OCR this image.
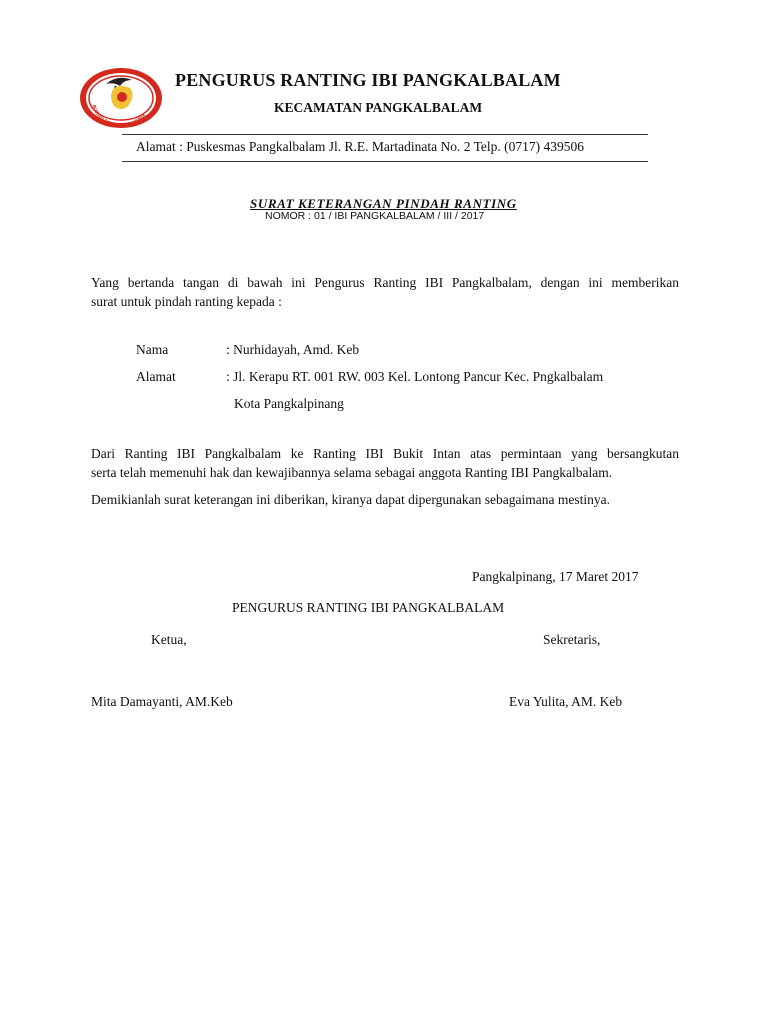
IKATAN BIDAN INDONESIA
PENGURUS RANTING IBI PANGKALBALAM
KECAMATAN PANGKALBALAM
Alamat : Puskesmas Pangkalbalam Jl. R.E. Martadinata No. 2 Telp. (0717) 439506
SURAT KETERANGAN PINDAH RANTING
NOMOR : 01 / IBI PANGKALBALAM / III / 2017
Yang bertanda tangan di bawah ini Pengurus Ranting IBI Pangkalbalam, dengan ini memberikan
surat untuk pindah ranting kepada :
Nama	: Nurhidayah, Amd. Keb
Alamat	: Jl. Kerapu RT. 001 RW. 003 Kel. Lontong Pancur Kec. Pngkalbalam
Kota Pangkalpinang
Dari Ranting IBI Pangkalbalam ke Ranting IBI Bukit Intan atas permintaan yang bersangkutan
serta telah memenuhi hak dan kewajibannya selama sebagai anggota Ranting IBI Pangkalbalam.
Demikianlah surat keterangan ini diberikan, kiranya dapat dipergunakan sebagaimana mestinya.
Pangkalpinang, 17 Maret 2017
PENGURUS RANTING IBI PANGKALBALAM
Ketua,	Sekretaris,
Mita Damayanti, AM.Keb	Eva Yulita, AM. Keb
